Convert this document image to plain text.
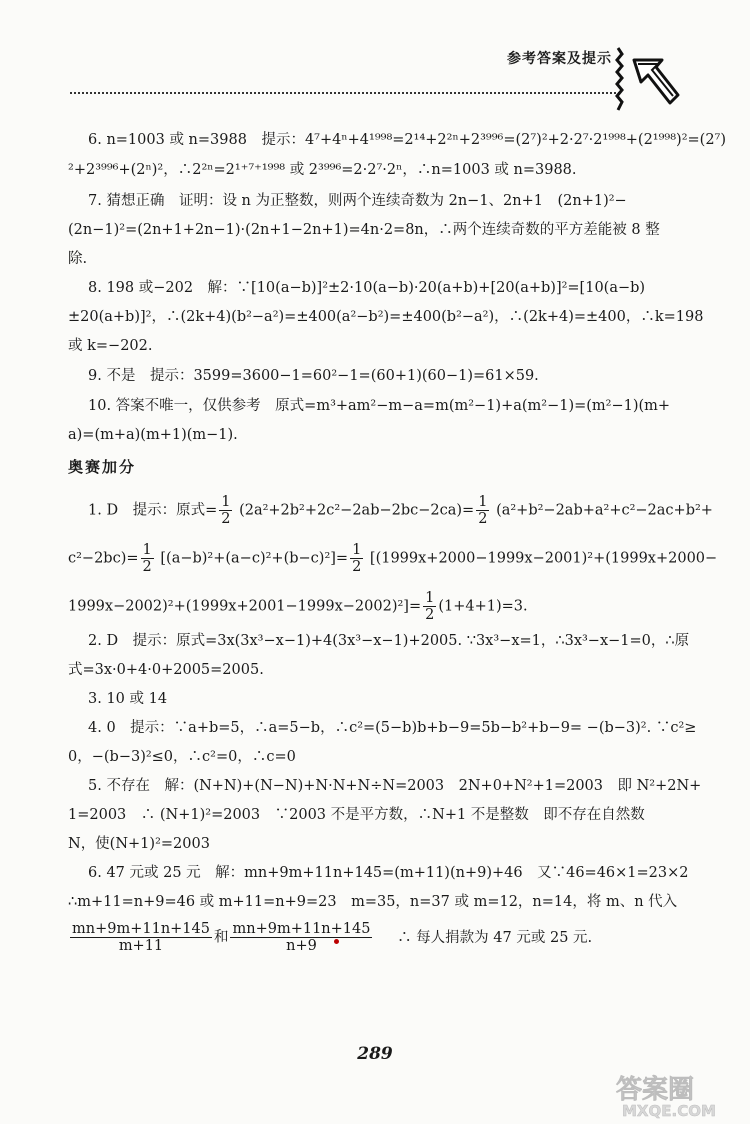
参考答案及提示
6. n=1003 或 n=3988　提示：4⁷+4ⁿ+4¹⁹⁹⁸=2¹⁴+2²ⁿ+2³⁹⁹⁶=(2⁷)²+2·2⁷·2¹⁹⁹⁸+(2¹⁹⁹⁸)²=(2⁷)
²+2³⁹⁹⁶+(2ⁿ)²，∴2²ⁿ=2¹⁺⁷⁺¹⁹⁹⁸ 或 2³⁹⁹⁶=2·2⁷·2ⁿ，∴n=1003 或 n=3988.
7. 猜想正确　证明：设 n 为正整数，则两个连续奇数为 2n−1、2n+1　(2n+1)²−
(2n−1)²=(2n+1+2n−1)·(2n+1−2n+1)=4n·2=8n，∴两个连续奇数的平方差能被 8 整
除.
8. 198 或−202　解：∵[10(a−b)]²±2·10(a−b)·20(a+b)+[20(a+b)]²=[10(a−b)
±20(a+b)]²，∴(2k+4)(b²−a²)=±400(a²−b²)=±400(b²−a²)，∴(2k+4)=±400，∴k=198
或 k=−202.
9. 不是　提示：3599=3600−1=60²−1=(60+1)(60−1)=61×59.
10. 答案不唯一，仅供参考　原式=m³+am²−m−a=m(m²−1)+a(m²−1)=(m²−1)(m+
a)=(m+a)(m+1)(m−1).
奥赛加分
1. D　提示：原式= $\frac{1}{2} (2a^2+2b^2+2c^2-2ab-2bc-2ca)= \frac{1}{2} (a^2+b^2-2ab+a^2+c^2-2ac+b^2+$
$c^2-2bc)= \frac{1}{2} [(a-b)^2+(a-c)^2+(b-c)^2]= \frac{1}{2} [(1999x+2000-1999x-2001)^2+(1999x+2000-$
$1999x-2002)^2+(1999x+2001-1999x-2002)^2]= \frac{1}{2} (1+4+1)=3$.
2. D　提示：原式=3x(3x³−x−1)+4(3x³−x−1)+2005. ∵3x³−x=1，∴3x³−x−1=0，∴原
式=3x·0+4·0+2005=2005.
3. 10 或 14
4. 0　提示：∵a+b=5，∴a=5−b，∴c²=(5−b)b+b−9=5b−b²+b−9= −(b−3)². ∵c²≥
0，−(b−3)²≤0，∴c²=0，∴c=0
5. 不存在　解：(N+N)+(N−N)+N·N+N÷N=2003　2N+0+N²+1=2003　即 N²+2N+
1=2003　∴ (N+1)²=2003　∵2003 不是平方数，∴N+1 不是整数　即不存在自然数
N，使(N+1)²=2003
6. 47 元或 25 元　解：mn+9m+11n+145=(m+11)(n+9)+46　又∵46=46×1=23×2
∴m+11=n+9=46 或 m+11=n+9=23　m=35，n=37 或 m=12，n=14，将 m、n 代入
$\frac{mn+9m+11n+145}{m+11}$ 和 $\frac{mn+9m+11n+145}{n+9}$ ∴ 每人捐款为 47 元或 25 元.
289
答案圈
MXQE.COM
